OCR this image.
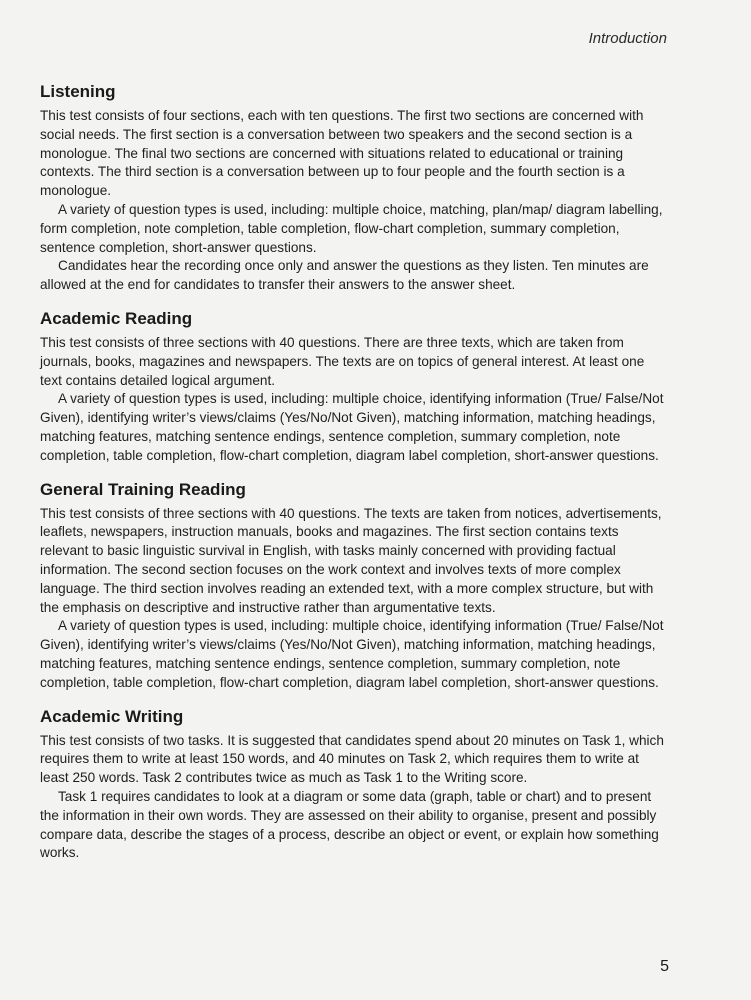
Introduction
Listening

This test consists of four sections, each with ten questions. The first two sections are concerned with social needs. The first section is a conversation between two speakers and the second section is a monologue. The final two sections are concerned with situations related to educational or training contexts. The third section is a conversation between up to four people and the fourth section is a monologue.

A variety of question types is used, including: multiple choice, matching, plan/map/ diagram labelling, form completion, note completion, table completion, flow-chart completion, summary completion, sentence completion, short-answer questions.

Candidates hear the recording once only and answer the questions as they listen. Ten minutes are allowed at the end for candidates to transfer their answers to the answer sheet.

Academic Reading

This test consists of three sections with 40 questions. There are three texts, which are taken from journals, books, magazines and newspapers. The texts are on topics of general interest. At least one text contains detailed logical argument.

A variety of question types is used, including: multiple choice, identifying information (True/ False/Not Given), identifying writer’s views/claims (Yes/No/Not Given), matching information, matching headings, matching features, matching sentence endings, sentence completion, summary completion, note completion, table completion, flow-chart completion, diagram label completion, short-answer questions.

General Training Reading

This test consists of three sections with 40 questions. The texts are taken from notices, advertisements, leaflets, newspapers, instruction manuals, books and magazines. The first section contains texts relevant to basic linguistic survival in English, with tasks mainly concerned with providing factual information. The second section focuses on the work context and involves texts of more complex language. The third section involves reading an extended text, with a more complex structure, but with the emphasis on descriptive and instructive rather than argumentative texts.

A variety of question types is used, including: multiple choice, identifying information (True/ False/Not Given), identifying writer’s views/claims (Yes/No/Not Given), matching information, matching headings, matching features, matching sentence endings, sentence completion, summary completion, note completion, table completion, flow-chart completion, diagram label completion, short-answer questions.

Academic Writing

This test consists of two tasks. It is suggested that candidates spend about 20 minutes on Task 1, which requires them to write at least 150 words, and 40 minutes on Task 2, which requires them to write at least 250 words. Task 2 contributes twice as much as Task 1 to the Writing score.

Task 1 requires candidates to look at a diagram or some data (graph, table or chart) and to present the information in their own words. They are assessed on their ability to organise, present and possibly compare data, describe the stages of a process, describe an object or event, or explain how something works.

5
